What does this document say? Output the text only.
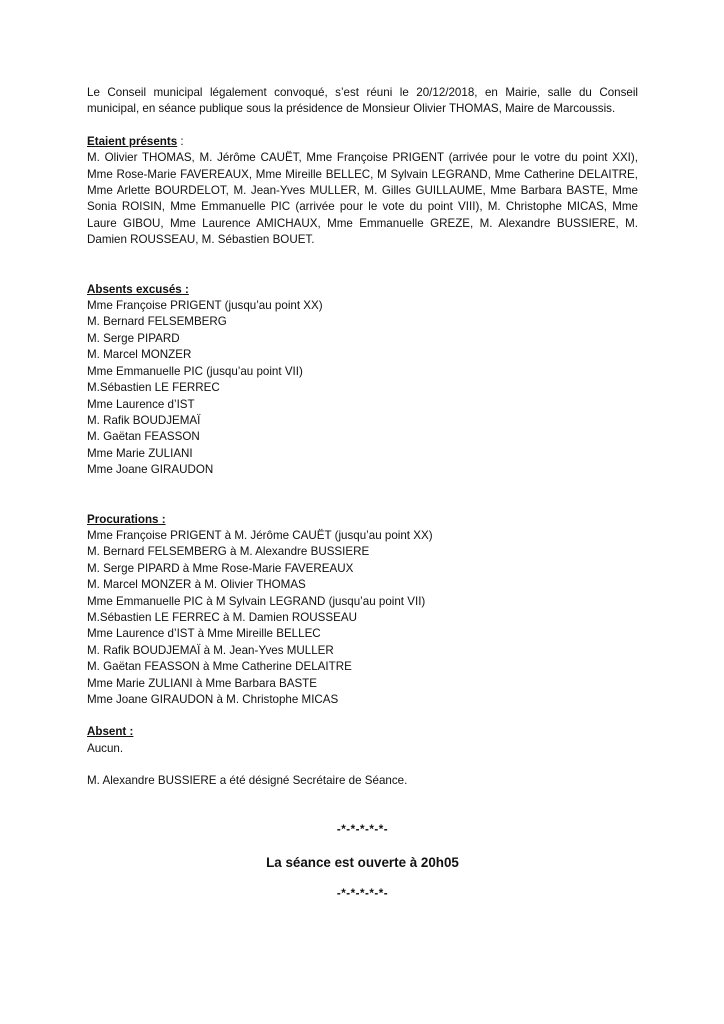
Le Conseil municipal légalement convoqué, s’est réuni le 20/12/2018, en Mairie, salle du Conseil municipal, en séance publique sous la présidence de Monsieur Olivier THOMAS, Maire de Marcoussis.

Etaient présents :

M. Olivier THOMAS, M. Jérôme CAUËT, Mme Françoise PRIGENT (arrivée pour le votre du point XXI), Mme Rose-Marie FAVEREAUX, Mme Mireille BELLEC, M Sylvain LEGRAND, Mme Catherine DELAITRE, Mme Arlette BOURDELOT, M. Jean-Yves MULLER, M. Gilles GUILLAUME, Mme Barbara BASTE, Mme Sonia ROISIN, Mme Emmanuelle PIC (arrivée pour le vote du point VIII), M. Christophe MICAS, Mme Laure GIBOU, Mme Laurence AMICHAUX, Mme Emmanuelle GREZE, M. Alexandre BUSSIERE, M. Damien ROUSSEAU, M. Sébastien BOUET.

Absents excusés :

Mme Françoise PRIGENT (jusqu’au point XX)
M. Bernard FELSEMBERG
M. Serge PIPARD
M. Marcel MONZER
Mme Emmanuelle PIC (jusqu’au point VII)
M.Sébastien LE FERREC
Mme Laurence d’IST
M. Rafik BOUDJEMAÏ
M. Gaëtan FEASSON
Mme Marie ZULIANI
Mme Joane GIRAUDON

Procurations :

Mme Françoise PRIGENT à M. Jérôme CAUËT (jusqu’au point XX)
M. Bernard FELSEMBERG à M. Alexandre BUSSIERE
M. Serge PIPARD à Mme Rose-Marie FAVEREAUX
M. Marcel MONZER à M. Olivier THOMAS
Mme Emmanuelle PIC à M Sylvain LEGRAND (jusqu’au point VII)
M.Sébastien LE FERREC à M. Damien ROUSSEAU
Mme Laurence d’IST à Mme Mireille BELLEC
M. Rafik BOUDJEMAÏ à M. Jean-Yves MULLER
M. Gaëtan FEASSON à Mme Catherine DELAITRE
Mme Marie ZULIANI à Mme Barbara BASTE
Mme Joane GIRAUDON à M. Christophe MICAS

Absent :

Aucun.

M. Alexandre BUSSIERE a été désigné Secrétaire de Séance.

-*-*-*-*-*-

La séance est ouverte à 20h05

-*-*-*-*-*-
